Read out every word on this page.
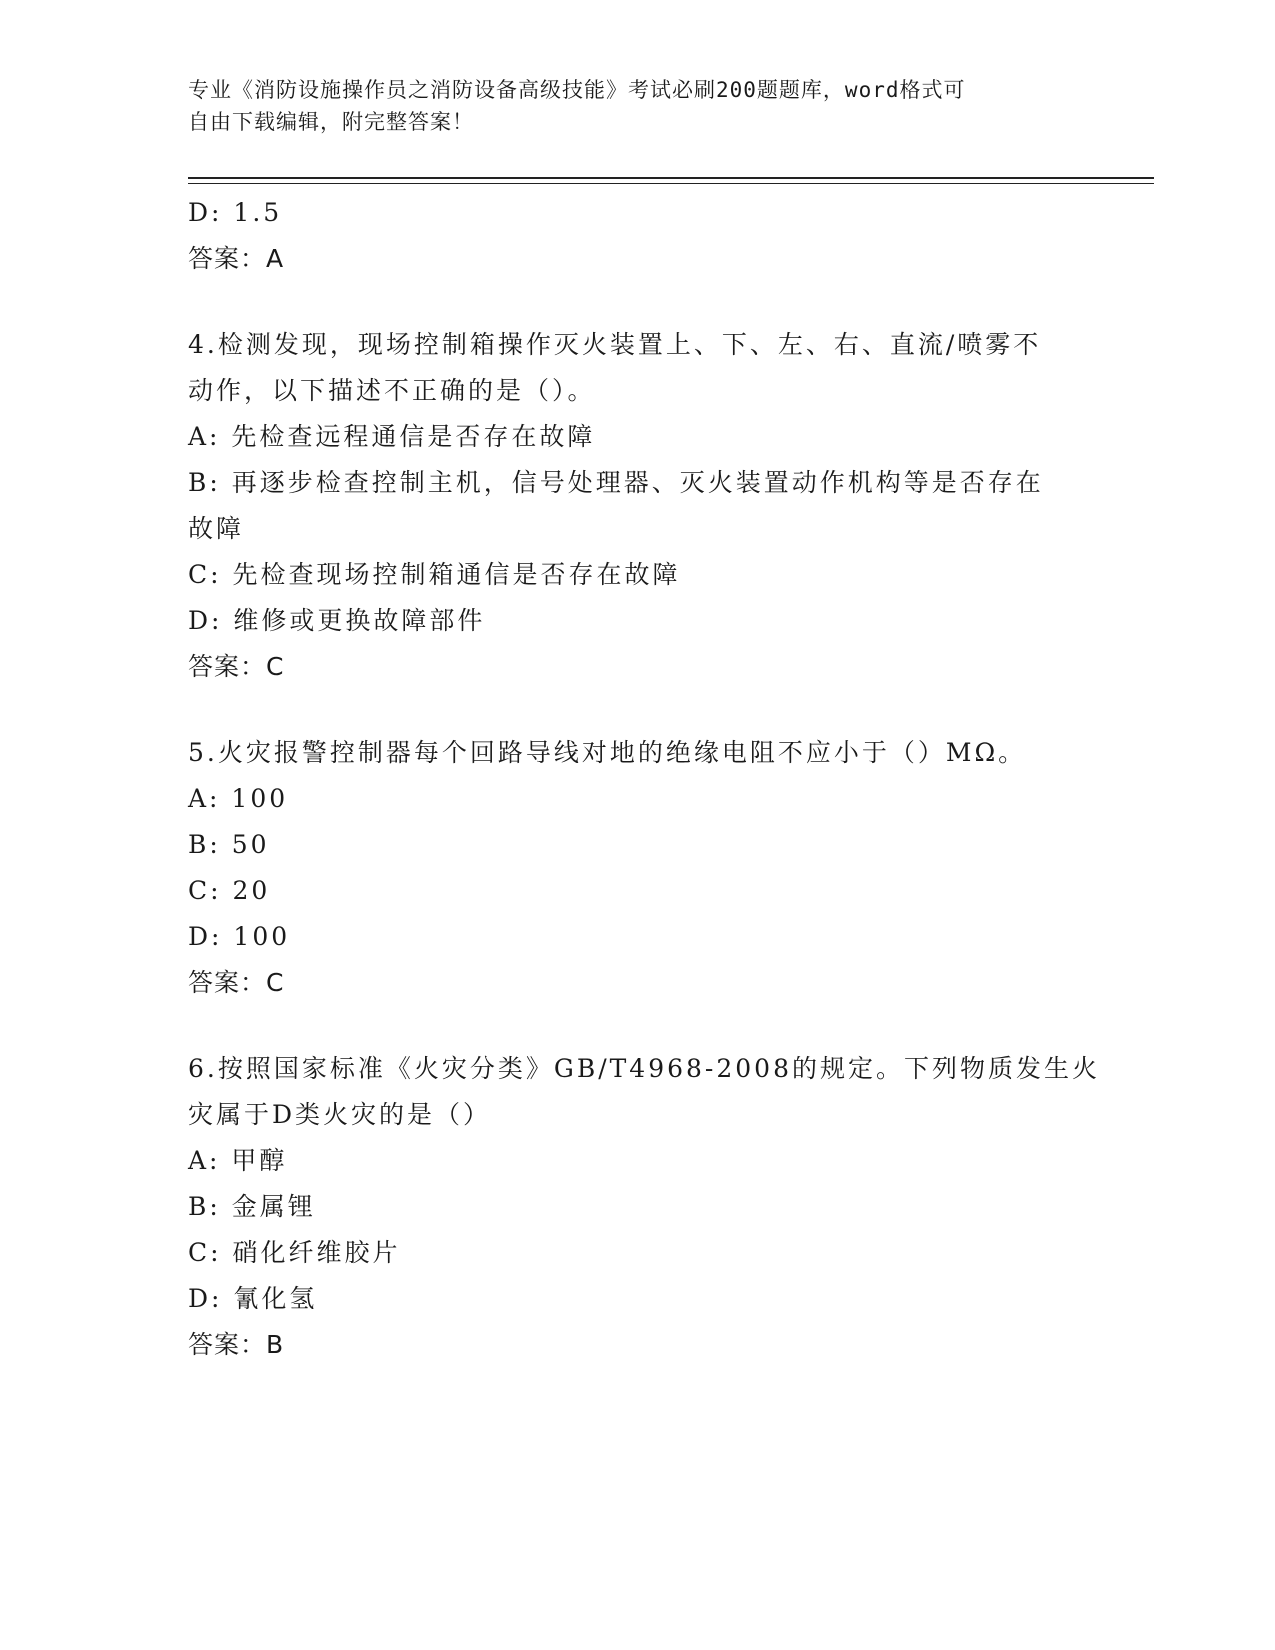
专业《消防设施操作员之消防设备高级技能》考试必刷200题题库，word格式可
自由下载编辑，附完整答案！
D: 1.5
答案：A
4.检测发现，现场控制箱操作灭火装置上、下、左、右、直流/喷雾不
动作，以下描述不正确的是（）。
A: 先检查远程通信是否存在故障
B: 再逐步检查控制主机，信号处理器、灭火装置动作机构等是否存在
故障
C: 先检查现场控制箱通信是否存在故障
D: 维修或更换故障部件
答案：C
5.火灾报警控制器每个回路导线对地的绝缘电阻不应小于（）MΩ。
A: 100
B: 50
C: 20
D: 100
答案：C
6.按照国家标准《火灾分类》GB/T4968-2008的规定。下列物质发生火
灾属于D类火灾的是（）
A: 甲醇
B: 金属锂
C: 硝化纤维胶片
D: 氰化氢
答案：B
